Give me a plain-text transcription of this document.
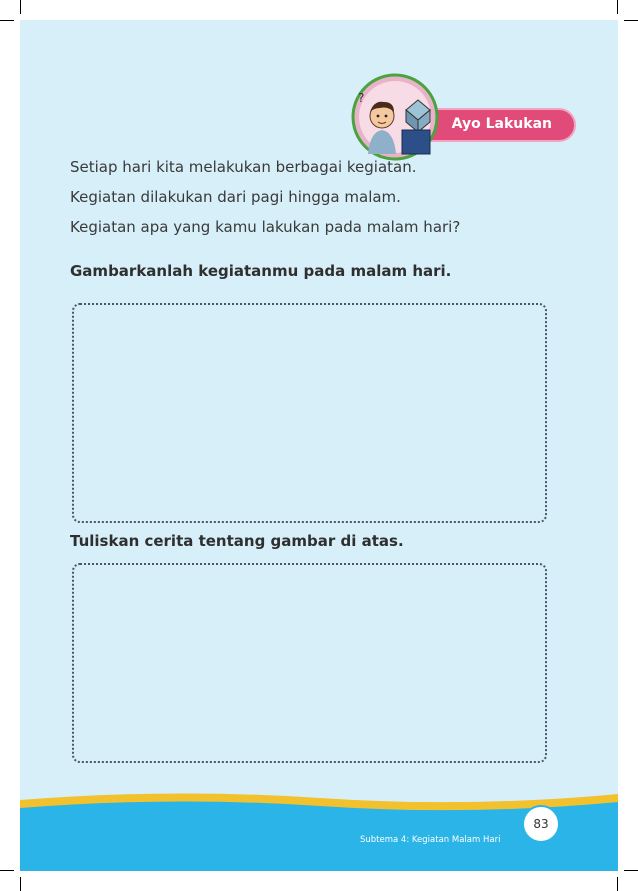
Ayo Lakukan
?
Setiap hari kita melakukan berbagai kegiatan.
Kegiatan dilakukan dari pagi hingga malam.
Kegiatan apa yang kamu lakukan pada malam hari?
Gambarkanlah kegiatanmu pada malam hari.
Tuliskan cerita tentang gambar di atas.
Subtema 4: Kegiatan Malam Hari
83
